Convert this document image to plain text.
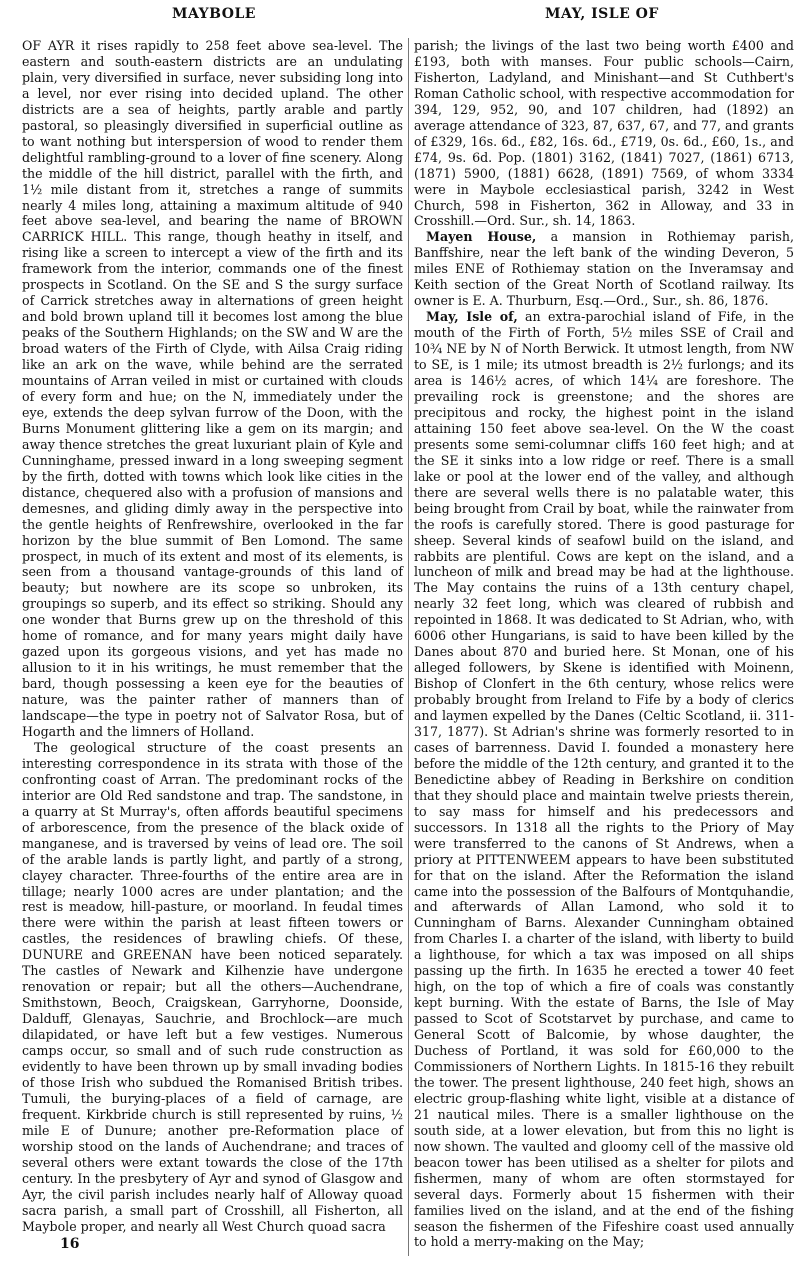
MAYBOLE	MAY, ISLE OF

OF AYR it rises rapidly to 258 feet above sea-level. The eastern and south-eastern districts are an undulating plain, very diversified in surface, never subsiding long into a level, nor ever rising into decided upland. The other districts are a sea of heights, partly arable and partly pastoral, so pleasingly diversified in superficial outline as to want nothing but interspersion of wood to render them delightful rambling-ground to a lover of fine scenery. Along the middle of the hill district, parallel with the firth, and 1½ mile distant from it, stretches a range of summits nearly 4 miles long, attaining a maximum altitude of 940 feet above sea-level, and bearing the name of BROWN CARRICK HILL. This range, though heathy in itself, and rising like a screen to intercept a view of the firth and its framework from the interior, commands one of the finest prospects in Scotland. On the SE and S the surgy surface of Carrick stretches away in alternations of green height and bold brown upland till it becomes lost among the blue peaks of the Southern Highlands; on the SW and W are the broad waters of the Firth of Clyde, with Ailsa Craig riding like an ark on the wave, while behind are the serrated mountains of Arran veiled in mist or curtained with clouds of every form and hue; on the N, immediately under the eye, extends the deep sylvan furrow of the Doon, with the Burns Monument glittering like a gem on its margin; and away thence stretches the great luxuriant plain of Kyle and Cunninghame, pressed inward in a long sweeping segment by the firth, dotted with towns which look like cities in the distance, chequered also with a profusion of mansions and demesnes, and gliding dimly away in the perspective into the gentle heights of Renfrewshire, overlooked in the far horizon by the blue summit of Ben Lomond. The same prospect, in much of its extent and most of its elements, is seen from a thousand vantage-grounds of this land of beauty; but nowhere are its scope so unbroken, its groupings so superb, and its effect so striking. Should any one wonder that Burns grew up on the threshold of this home of romance, and for many years might daily have gazed upon its gorgeous visions, and yet has made no allusion to it in his writings, he must remember that the bard, though possessing a keen eye for the beauties of nature, was the painter rather of manners than of landscape—the type in poetry not of Salvator Rosa, but of Hogarth and the limners of Holland.

The geological structure of the coast presents an interesting correspondence in its strata with those of the confronting coast of Arran. The predominant rocks of the interior are Old Red sandstone and trap. The sandstone, in a quarry at St Murray's, often affords beautiful specimens of arborescence, from the presence of the black oxide of manganese, and is traversed by veins of lead ore. The soil of the arable lands is partly light, and partly of a strong, clayey character. Three-fourths of the entire area are in tillage; nearly 1000 acres are under plantation; and the rest is meadow, hill-pasture, or moorland. In feudal times there were within the parish at least fifteen towers or castles, the residences of brawling chiefs. Of these, DUNURE and GREENAN have been noticed separately. The castles of Newark and Kilhenzie have undergone renovation or repair; but all the others—Auchendrane, Smithstown, Beoch, Craigskean, Garryhorne, Doonside, Dalduff, Glenayas, Sauchrie, and Brochlock—are much dilapidated, or have left but a few vestiges. Numerous camps occur, so small and of such rude construction as evidently to have been thrown up by small invading bodies of those Irish who subdued the Romanised British tribes. Tumuli, the burying-places of a field of carnage, are frequent. Kirkbride church is still represented by ruins, ½ mile E of Dunure; another pre-Reformation place of worship stood on the lands of Auchendrane; and traces of several others were extant towards the close of the 17th century. In the presbytery of Ayr and synod of Glasgow and Ayr, the civil parish includes nearly half of Alloway quoad sacra parish, a small part of Crosshill, all Fisherton, all Maybole proper, and nearly all West Church quoad sacra

parish; the livings of the last two being worth £400 and £193, both with manses. Four public schools—Cairn, Fisherton, Ladyland, and Minishant—and St Cuthbert's Roman Catholic school, with respective accommodation for 394, 129, 952, 90, and 107 children, had (1892) an average attendance of 323, 87, 637, 67, and 77, and grants of £329, 16s. 6d., £82, 16s. 6d., £719, 0s. 6d., £60, 1s., and £74, 9s. 6d. Pop. (1801) 3162, (1841) 7027, (1861) 6713, (1871) 5900, (1881) 6628, (1891) 7569, of whom 3334 were in Maybole ecclesiastical parish, 3242 in West Church, 598 in Fisherton, 362 in Alloway, and 33 in Crosshill.—Ord. Sur., sh. 14, 1863.

Mayen House, a mansion in Rothiemay parish, Banffshire, near the left bank of the winding Deveron, 5 miles ENE of Rothiemay station on the Inveramsay and Keith section of the Great North of Scotland railway. Its owner is E. A. Thurburn, Esq.—Ord., Sur., sh. 86, 1876.

May, Isle of, an extra-parochial island of Fife, in the mouth of the Firth of Forth, 5½ miles SSE of Crail and 10¾ NE by N of North Berwick. It utmost length, from NW to SE, is 1 mile; its utmost breadth is 2½ furlongs; and its area is 146½ acres, of which 14¼ are foreshore. The prevailing rock is greenstone; and the shores are precipitous and rocky, the highest point in the island attaining 150 feet above sea-level. On the W the coast presents some semi-columnar cliffs 160 feet high; and at the SE it sinks into a low ridge or reef. There is a small lake or pool at the lower end of the valley, and although there are several wells there is no palatable water, this being brought from Crail by boat, while the rainwater from the roofs is carefully stored. There is good pasturage for sheep. Several kinds of seafowl build on the island, and rabbits are plentiful. Cows are kept on the island, and a luncheon of milk and bread may be had at the lighthouse. The May contains the ruins of a 13th century chapel, nearly 32 feet long, which was cleared of rubbish and repointed in 1868. It was dedicated to St Adrian, who, with 6006 other Hungarians, is said to have been killed by the Danes about 870 and buried here. St Monan, one of his alleged followers, by Skene is identified with Moinenn, Bishop of Clonfert in the 6th century, whose relics were probably brought from Ireland to Fife by a body of clerics and laymen expelled by the Danes (Celtic Scotland, ii. 311-317, 1877). St Adrian's shrine was formerly resorted to in cases of barrenness. David I. founded a monastery here before the middle of the 12th century, and granted it to the Benedictine abbey of Reading in Berkshire on condition that they should place and maintain twelve priests therein, to say mass for himself and his predecessors and successors. In 1318 all the rights to the Priory of May were transferred to the canons of St Andrews, when a priory at PITTENWEEM appears to have been substituted for that on the island. After the Reformation the island came into the possession of the Balfours of Montquhandie, and afterwards of Allan Lamond, who sold it to Cunningham of Barns. Alexander Cunningham obtained from Charles I. a charter of the island, with liberty to build a lighthouse, for which a tax was imposed on all ships passing up the firth. In 1635 he erected a tower 40 feet high, on the top of which a fire of coals was constantly kept burning. With the estate of Barns, the Isle of May passed to Scot of Scotstarvet by purchase, and came to General Scott of Balcomie, by whose daughter, the Duchess of Portland, it was sold for £60,000 to the Commissioners of Northern Lights. In 1815-16 they rebuilt the tower. The present lighthouse, 240 feet high, shows an electric group-flashing white light, visible at a distance of 21 nautical miles. There is a smaller lighthouse on the south side, at a lower elevation, but from this no light is now shown. The vaulted and gloomy cell of the massive old beacon tower has been utilised as a shelter for pilots and fishermen, many of whom are often stormstayed for several days. Formerly about 15 fishermen with their families lived on the island, and at the end of the fishing season the fishermen of the Fifeshire coast used annually to hold a merry-making on the May;

16
